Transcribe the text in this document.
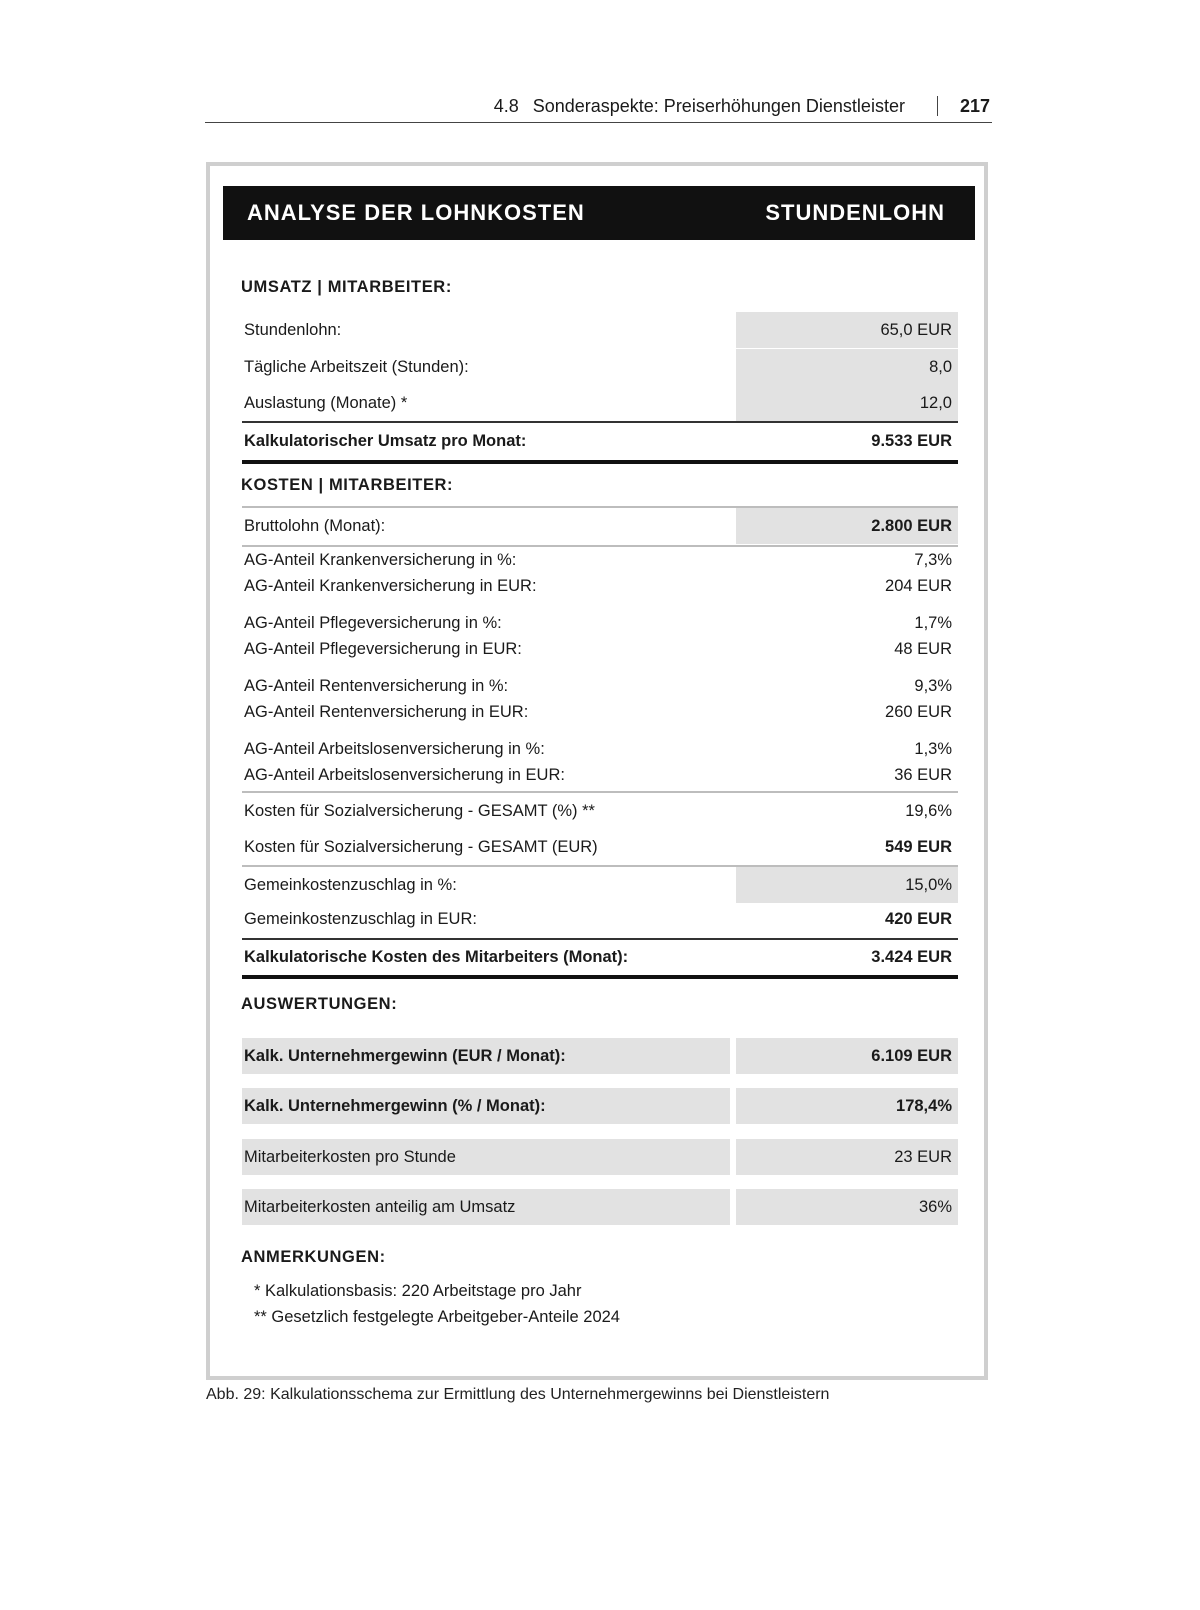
4.8 Sonderaspekte: Preiserhöhungen Dienstleister	217
ANALYSE DER LOHNKOSTEN	STUNDENLOHN
UMSATZ | MITARBEITER:
Stundenlohn:	65,0 EUR
Tägliche Arbeitszeit (Stunden):	8,0
Auslastung (Monate) *	12,0
Kalkulatorischer Umsatz pro Monat:	9.533 EUR
KOSTEN | MITARBEITER:
Bruttolohn (Monat):	2.800 EUR
AG-Anteil Krankenversicherung in %:	7,3%
AG-Anteil Krankenversicherung in EUR:	204 EUR
AG-Anteil Pflegeversicherung in %:	1,7%
AG-Anteil Pflegeversicherung in EUR:	48 EUR
AG-Anteil Rentenversicherung in %:	9,3%
AG-Anteil Rentenversicherung in EUR:	260 EUR
AG-Anteil Arbeitslosenversicherung in %:	1,3%
AG-Anteil Arbeitslosenversicherung in EUR:	36 EUR
Kosten für Sozialversicherung - GESAMT (%) **	19,6%
Kosten für Sozialversicherung - GESAMT (EUR)	549 EUR
Gemeinkostenzuschlag in %:	15,0%
Gemeinkostenzuschlag in EUR:	420 EUR
Kalkulatorische Kosten des Mitarbeiters (Monat):	3.424 EUR
AUSWERTUNGEN:
Kalk. Unternehmergewinn (EUR / Monat):	6.109 EUR
Kalk. Unternehmergewinn (% / Monat):	178,4%
Mitarbeiterkosten pro Stunde	23 EUR
Mitarbeiterkosten anteilig am Umsatz	36%
ANMERKUNGEN:
* Kalkulationsbasis: 220 Arbeitstage pro Jahr
** Gesetzlich festgelegte Arbeitgeber-Anteile 2024
Abb. 29: Kalkulationsschema zur Ermittlung des Unternehmergewinns bei Dienstleistern
